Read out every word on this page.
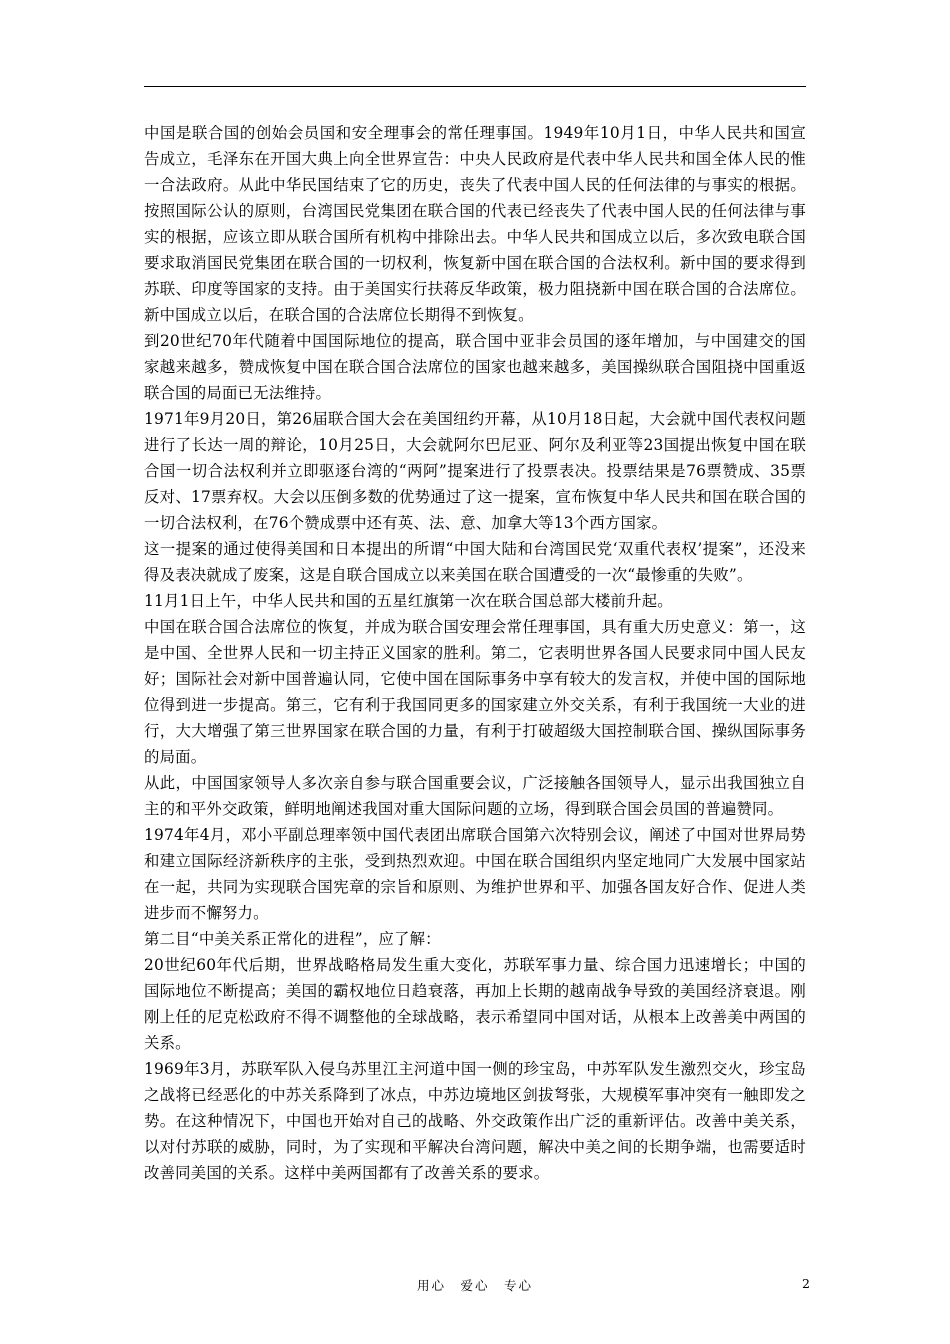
中国是联合国的创始会员国和安全理事会的常任理事国。1949年10月1日，中华人民共和国宣告成立，毛泽东在开国大典上向全世界宣告：中央人民政府是代表中华人民共和国全体人民的惟一合法政府。从此中华民国结束了它的历史，丧失了代表中国人民的任何法律的与事实的根据。按照国际公认的原则，台湾国民党集团在联合国的代表已经丧失了代表中国人民的任何法律与事实的根据，应该立即从联合国所有机构中排除出去。中华人民共和国成立以后，多次致电联合国要求取消国民党集团在联合国的一切权利，恢复新中国在联合国的合法权利。新中国的要求得到苏联、印度等国家的支持。由于美国实行扶蒋反华政策，极力阻挠新中国在联合国的合法席位。新中国成立以后，在联合国的合法席位长期得不到恢复。

到20世纪70年代随着中国国际地位的提高，联合国中亚非会员国的逐年增加，与中国建交的国家越来越多，赞成恢复中国在联合国合法席位的国家也越来越多，美国操纵联合国阻挠中国重返联合国的局面已无法维持。

1971年9月20日，第26届联合国大会在美国纽约开幕，从10月18日起，大会就中国代表权问题进行了长达一周的辩论，10月25日，大会就阿尔巴尼亚、阿尔及利亚等23国提出恢复中国在联合国一切合法权利并立即驱逐台湾的“两阿”提案进行了投票表决。投票结果是76票赞成、35票反对、17票弃权。大会以压倒多数的优势通过了这一提案，宣布恢复中华人民共和国在联合国的一切合法权利，在76个赞成票中还有英、法、意、加拿大等13个西方国家。

这一提案的通过使得美国和日本提出的所谓“中国大陆和台湾国民党‘双重代表权’提案”，还没来得及表决就成了废案，这是自联合国成立以来美国在联合国遭受的一次“最惨重的失败”。

11月1日上午，中华人民共和国的五星红旗第一次在联合国总部大楼前升起。

中国在联合国合法席位的恢复，并成为联合国安理会常任理事国，具有重大历史意义：第一，这是中国、全世界人民和一切主持正义国家的胜利。第二，它表明世界各国人民要求同中国人民友好；国际社会对新中国普遍认同，它使中国在国际事务中享有较大的发言权，并使中国的国际地位得到进一步提高。第三，它有利于我国同更多的国家建立外交关系，有利于我国统一大业的进行，大大增强了第三世界国家在联合国的力量，有利于打破超级大国控制联合国、操纵国际事务的局面。

从此，中国国家领导人多次亲自参与联合国重要会议，广泛接触各国领导人，显示出我国独立自主的和平外交政策，鲜明地阐述我国对重大国际问题的立场，得到联合国会员国的普遍赞同。

1974年4月，邓小平副总理率领中国代表团出席联合国第六次特别会议，阐述了中国对世界局势和建立国际经济新秩序的主张，受到热烈欢迎。中国在联合国组织内坚定地同广大发展中国家站在一起，共同为实现联合国宪章的宗旨和原则、为维护世界和平、加强各国友好合作、促进人类进步而不懈努力。

第二目“中美关系正常化的进程”，应了解：

20世纪60年代后期，世界战略格局发生重大变化，苏联军事力量、综合国力迅速增长；中国的国际地位不断提高；美国的霸权地位日趋衰落，再加上长期的越南战争导致的美国经济衰退。刚刚上任的尼克松政府不得不调整他的全球战略，表示希望同中国对话，从根本上改善美中两国的关系。

1969年3月，苏联军队入侵乌苏里江主河道中国一侧的珍宝岛，中苏军队发生激烈交火，珍宝岛之战将已经恶化的中苏关系降到了冰点，中苏边境地区剑拔弩张，大规模军事冲突有一触即发之势。在这种情况下，中国也开始对自己的战略、外交政策作出广泛的重新评估。改善中美关系，以对付苏联的威胁，同时，为了实现和平解决台湾问题，解决中美之间的长期争端，也需要适时改善同美国的关系。这样中美两国都有了改善关系的要求。

用心　爱心　专心	2
